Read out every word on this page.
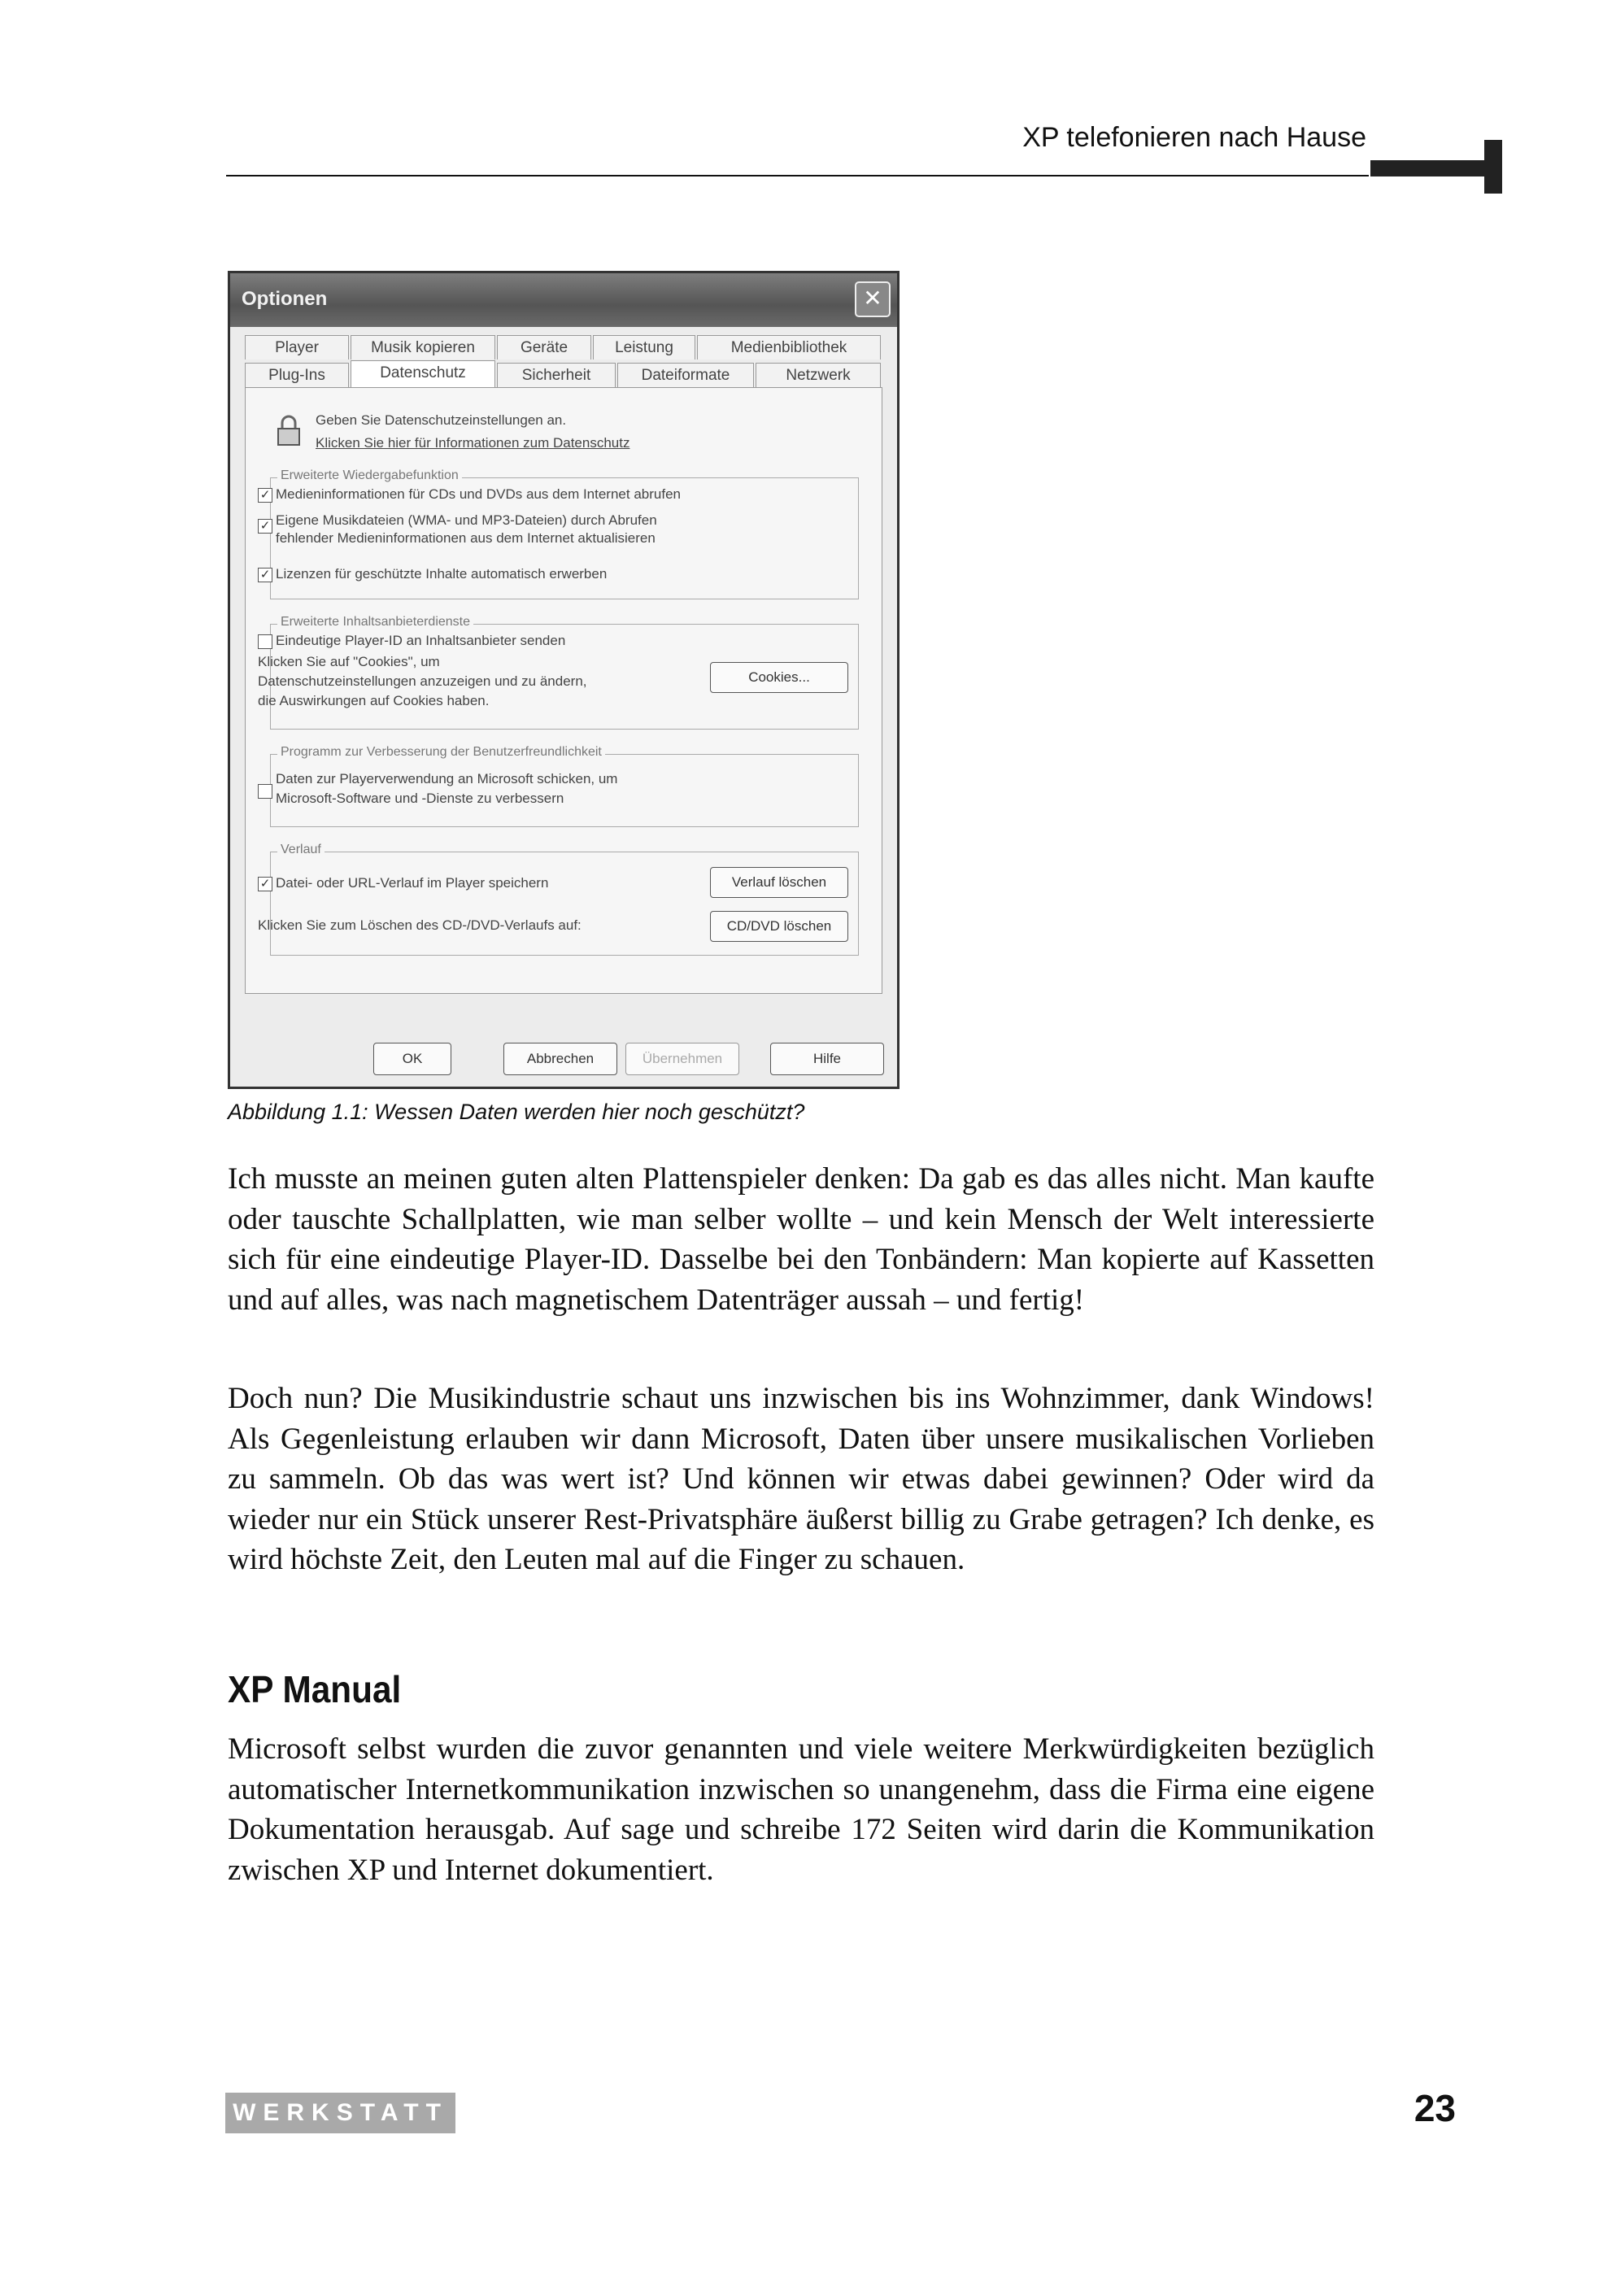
XP telefonieren nach Hause
Optionen	✕
Player	Musik kopieren	Geräte	Leistung	Medienbibliothek
Plug-Ins	Datenschutz	Sicherheit	Dateiformate	Netzwerk
Geben Sie Datenschutzeinstellungen an.
Klicken Sie hier für Informationen zum Datenschutz
Erweiterte Wiedergabefunktion
✓ Medieninformationen für CDs und DVDs aus dem Internet abrufen
✓ Eigene Musikdateien (WMA- und MP3-Dateien) durch Abrufen
fehlender Medieninformationen aus dem Internet aktualisieren
✓ Lizenzen für geschützte Inhalte automatisch erwerben
Erweiterte Inhaltsanbieterdienste
Eindeutige Player-ID an Inhaltsanbieter senden
Klicken Sie auf "Cookies", um
Datenschutzeinstellungen anzuzeigen und zu ändern,
die Auswirkungen auf Cookies haben.
Cookies...
Programm zur Verbesserung der Benutzerfreundlichkeit
Daten zur Playerverwendung an Microsoft schicken, um
Microsoft-Software und -Dienste zu verbessern
Verlauf
✓ Datei- oder URL-Verlauf im Player speichern	Verlauf löschen
Klicken Sie zum Löschen des CD-/DVD-Verlaufs auf:	CD/DVD löschen
OK	Abbrechen	Übernehmen	Hilfe
Abbildung 1.1: Wessen Daten werden hier noch geschützt?

Ich musste an meinen guten alten Plattenspieler denken: Da gab es das alles nicht. Man kaufte oder tauschte Schallplatten, wie man selber wollte – und kein Mensch der Welt interessierte sich für eine eindeutige Player-ID. Dasselbe bei den Tonbändern: Man kopierte auf Kassetten und auf alles, was nach magnetischem Datenträger aussah – und fertig!

Doch nun? Die Musikindustrie schaut uns inzwischen bis ins Wohnzimmer, dank Windows! Als Gegenleistung erlauben wir dann Microsoft, Daten über unsere musikalischen Vorlieben zu sammeln. Ob das was wert ist? Und können wir etwas dabei gewinnen? Oder wird da wieder nur ein Stück unserer Rest-Privatsphäre äußerst billig zu Grabe getragen? Ich denke, es wird höchste Zeit, den Leuten mal auf die Finger zu schauen.

XP Manual

Microsoft selbst wurden die zuvor genannten und viele weitere Merkwürdigkeiten bezüglich automatischer Internetkommunikation inzwischen so unangenehm, dass die Firma eine eigene Dokumentation herausgab. Auf sage und schreibe 172 Seiten wird darin die Kommunikation zwischen XP und Internet dokumentiert.

WERKSTATT	23
